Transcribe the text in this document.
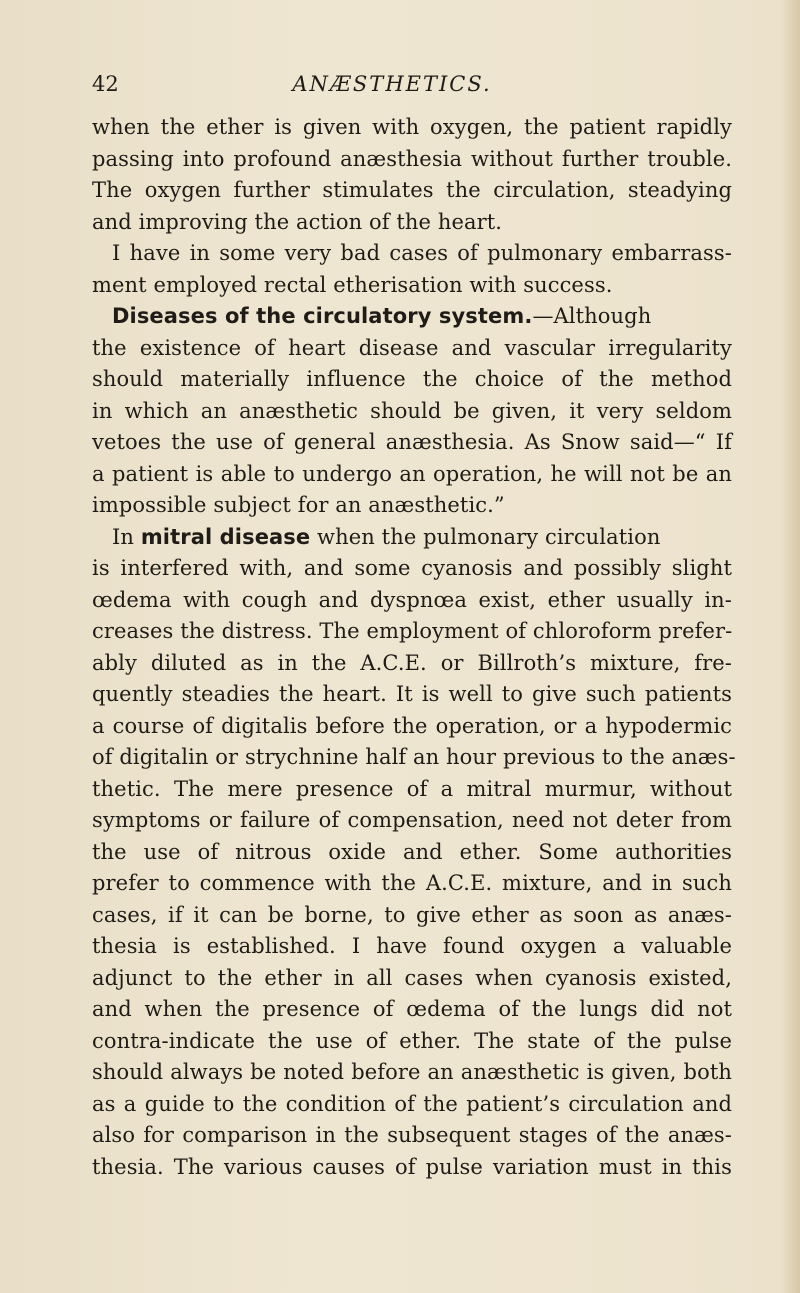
42	ANÆSTHETICS.
when the ether is given with oxygen, the patient rapidly
passing into profound anæsthesia without further trouble.
The oxygen further stimulates the circulation, steadying
and improving the action of the heart.
I have in some very bad cases of pulmonary embarrass-
ment employed rectal etherisation with success.
Diseases of the circulatory system.—Although
the existence of heart disease and vascular irregularity
should materially influence the choice of the method
in which an anæsthetic should be given, it very seldom
vetoes the use of general anæsthesia. As Snow said—“ If
a patient is able to undergo an operation, he will not be an
impossible subject for an anæsthetic.”
In mitral disease when the pulmonary circulation
is interfered with, and some cyanosis and possibly slight
œdema with cough and dyspnœa exist, ether usually in-
creases the distress. The employment of chloroform prefer-
ably diluted as in the A.C.E. or Billroth’s mixture, fre-
quently steadies the heart. It is well to give such patients
a course of digitalis before the operation, or a hypodermic
of digitalin or strychnine half an hour previous to the anæs-
thetic. The mere presence of a mitral murmur, without
symptoms or failure of compensation, need not deter from
the use of nitrous oxide and ether. Some authorities
prefer to commence with the A.C.E. mixture, and in such
cases, if it can be borne, to give ether as soon as anæs-
thesia is established. I have found oxygen a valuable
adjunct to the ether in all cases when cyanosis existed,
and when the presence of œdema of the lungs did not
contra-indicate the use of ether. The state of the pulse
should always be noted before an anæsthetic is given, both
as a guide to the condition of the patient’s circulation and
also for comparison in the subsequent stages of the anæs-
thesia. The various causes of pulse variation must in this
